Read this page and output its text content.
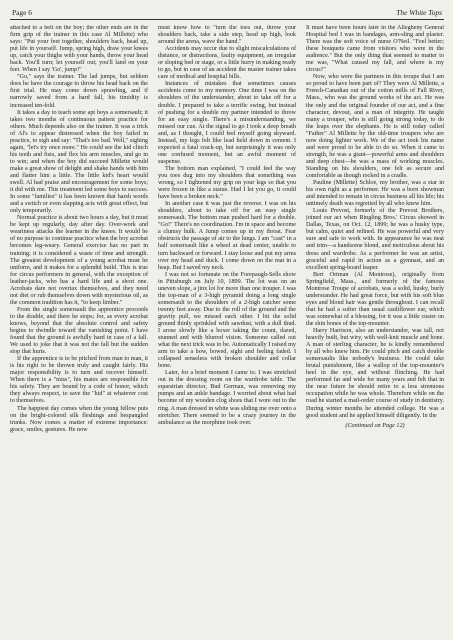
Page 6	The White Tops

attached to a belt on the boy; the other ends are in the firm grip of the trainer in this case Al Millette) who says: "Put your feet together, shoulders back, head up, put life in yourself. Jump, spring high, draw your knees up, catch your thighs with your hands, throw your head back. You'll turn; let yourself out; you'll land on your feet. When I say 'Go', jump!"

"Go," says the trainer. The lad jumps, but seldom does he have the courage to throw his head back on the first trial. He may come down sprawling, and if narrowly saved from a hard fall, his timidity is increased ten-fold.

It takes a day to teach some apt boys a somersault; it takes two months of continuous patient practice for others. Much depends also on the trainer. It was a trick of Al's to appear distressed when the boy failed in practice, to sigh and say: "That's too bad. Well," sighing again, "let's try once more." He could see the kid clinch his teeth and fists, and flex his arm muscles, and go in to win; and when the boy did succeed Millette would make a great show of delight and shake hands with him and flatter him a little. The little kid's heart would swell. Al had praise and encouragement for some boys; it did with me. This treatment led some boys to success. In some "families" it has been known that harsh words and a switch or even slapping acts with great effect, but only temporarily.

Normal practice is about two hours a day, but it must be kept up regularly, day after day. Over-work and weariness attacks the learner in the knees. It would be of no purpose to continue practice when the boy acrobat becomes leg-weary. General exercise has no part in training; it is considered a waste of time and strength. The greatest development of a young acrobat must be uniform, and it makes for a splendid build. This is true for circus performers in general, with the exception of leather-jacks, who has a hard life and a short one. Acrobats dare not overtax themselves, and they need not diet or rub themselves down with mysterious oil, as the common tradition has it, "to keep limber."

From the single somersault the apprentice proceeds to the double, and there he stops; for, as every acrobat knows, beyond that the absolute control and safety begins to dwindle toward the vanishing point. I have found that the ground is awfully hard in case of a fall. We used to joke that it was not the fall but the sudden stop that hurts.

If the apprentice is to be pitched from man to man, it is his right to be thrown truly and caught fairly. His major responsibility is to turn and recover himself. When there is a "miss", his mates are responsible for his safety. They are bound by a code of honor, which they always respect, to save the "kid" at whatever cost to themselves.

The happiest day comes when the young fellow puts on the bright-colored silk fleshings and bespangled trunks. Now comes a matter of extreme importance: grace, smiles, gestures. He now

must know how to "turn the toes out, throw your shoulders back, take a side step, head up high, look around the arena, wave the hand."

Accidents may occur due to slight miscalculations of distance, or distractions, faulty equipment, an irregular or sloping bed or stage, or a little hurry in making ready to go, but in case of an accident the master trainer takes care of medical and hospital bills.

Instances of mistakes that sometimes causes accidents come to my memory. One time I was on the shoulders of the understander, about to take off for a double. I prepared to take a terrific swing, but instead of pushing for a double my partner intended to throw for an easy single. There's a misunderstanding, we missed our cue. At the signal to go I took a deep breath and, as I thought, I could feel myself going skyward. Instead, my legs felt like lead held down in cement. I expected a fatal crack-up, but surprisingly it was only one confused moment, but an awful moment of suspense.

The bottom man explained, "I could feel the way you toes dug into my shoulders that something was wrong, so I tightened my grip on your legs so that you were frozen in like a statue. Had I let you go, it could have been a broken neck."

In another case it was just the reverse. I was on his shoulders, about to take off for an easy single somersault. The bottom man pushed hard for a double. "Go!" There's no coordination. I'm in space and become a clumsy hulk. A Jump comes up in my throat. Fear obstructs the passage of air to the lungs. I am "cast" in a half somersault like a wheel at dead center, unable to turn backward or forward. I stay loose and put my arms over my head and duck. I come down on the mat in a heap. But I saved my neck.

I was not so fortunate on the Forepaugh-Sells show in Pittsburgh on July 10, 1899. The lot was on an uneven slope, a jinx lot for more than one trouper. I was the top-man of a 3-high pyramid doing a long single somersault to the shoulders of a 2-high catcher some twenty feet away. Due to the roll of the ground and the gravity pull, we missed each other. I hit the solid ground thinly sprinkled with sawdust, with a dull thud. I arose slowly like a boxer taking the count, dazed, stunned and with blurred vision. Someone called out what the next trick was to be. Automatically I raised my arm to take a bow, bowed, sight and feeling faded. I collapsed senseless with broken shoulder and collar bone.

Later, for a brief moment I came to. I was stretched out in the dressing room on the wardrobe table. The equestrian director, Bud German, was removing my pumps and an ankle bandage. I worried about what had become of my wooden clog shoes that I wore out to the ring. A man dressed in white was sliding me over onto a stretcher. There seemed to be a crazy journey in the ambulance as the morphine took over.

It must have been hours later in the Allegheny General Hospital bed I was in bandages, arm-sling and plaster. There was the soft voice of nurse O'Neil. "Feel better; these bouquets came from visitors who were in the audience." But the only thing that seemed to matter to me was, "What caused my fall, and where is my circus?"

Now, who were the partners in this troupe that I am so proud to have been part of? They were Al Millette, a French-Canadian out of the cotton mills of Fall River, Mass., who was the ground works of the act. He was the only and the original founder of our act, and a fine character, devout, and a man of integrity. He taught many a trouper, who is still going strong today, to do the leaps over the elephants. He is still today called "Father" Al Millette by the old-time troupers who are now doing lighter work. We of the act took his name and were proud to be able to do so. When it came to strength, he was a giant—powerful arms and shoulders and deep chest—he was a mass of working muscles. Standing on his shoulders, one felt as secure and comfortable as though rocked in a cradle.

Pauline (Millette) Schloe, my brother, was a star in his own right as a performer. He was a born showman and intended to remain in circus business all his life; his untimely death was regretted by all who knew him.

Louis Prevost, formerly of the Prevost Brothers, joined our act when Ringling Bros.' Circus showed in Dallas, Texas, on Oct. 12, 1899; he was a husky type, but calm, quiet and refined. He was powerful and very sure and safe to work with. In appearance he was neat and trim—a handsome blond, and meticulous about his dress and wardrobe. As a performer he was an artist, graceful and rapid in action as a gymnast, and an excellent spring-board leaper.

Bert Ortman (Al Montrose), originally from Springfield, Mass., and formerly of the famous Montrose Troupe of acrobats, was a solid, husky, burly understander. He had great force, but with his soft blue eyes and blond hair was gentle throughout. I can recall that he had a softer than usual cauliflower ear, which was somewhat of a blessing, for it was a little cusier on the shin bones of the top-mounter.

Harry Harrison, also an understander, was tall, not heavily built, but wiry, with well-knit muscle and bone. A man of sterling character, he is kindly remembered by all who knew him. He could pitch and catch double somersaults like nobody's business. He could take brutal punishment, like a wallop of the top-mounter's heel in the eye, and without flinching. He had performed far and wide for many years and felt that in the near future he should retire to a less strenuous occupation while he was whole. Therefore while on the road he started a mail-order course of study in dentistry. During winter months he attended college. He was a good student and he applied himself diligently. In the

(Continued on Page 12)
